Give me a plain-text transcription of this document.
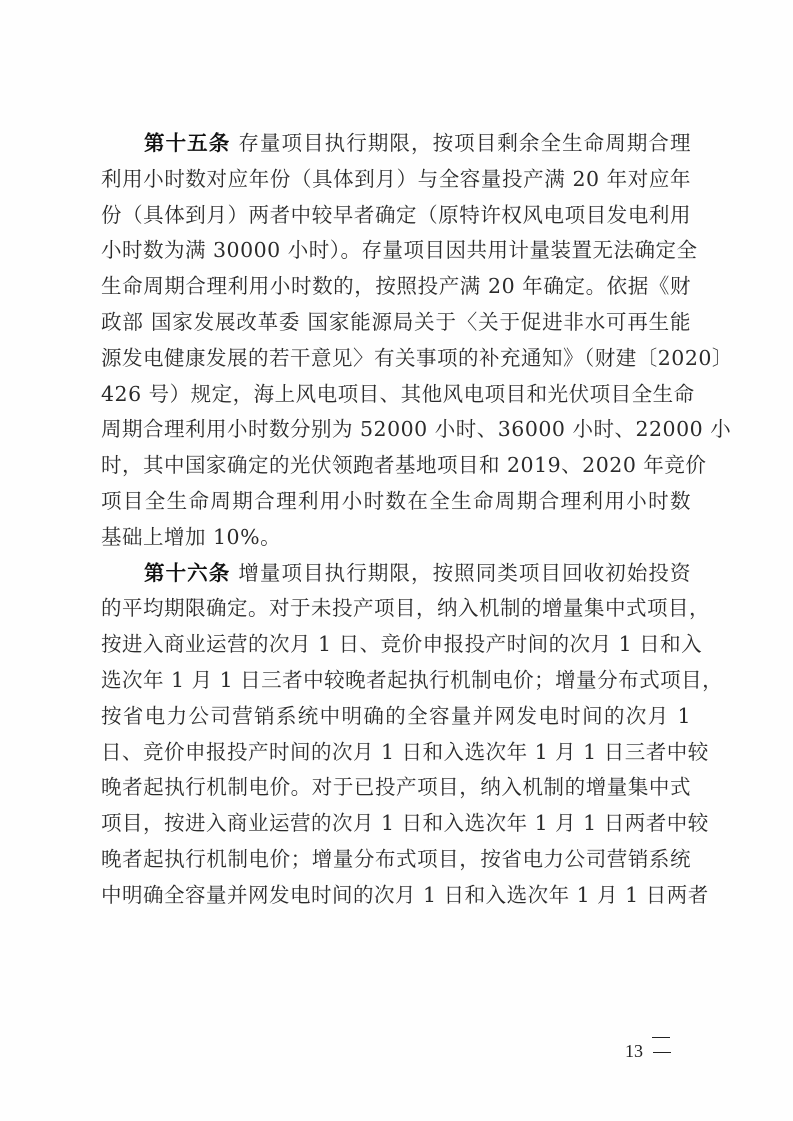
第十五条 存量项目执行期限，按项目剩余全生命周期合理
利用小时数对应年份（具体到月）与全容量投产满 20 年对应年
份（具体到月）两者中较早者确定（原特许权风电项目发电利用
小时数为满 30000 小时）。存量项目因共用计量装置无法确定全
生命周期合理利用小时数的，按照投产满 20 年确定。依据《财
政部 国家发展改革委 国家能源局关于〈关于促进非水可再生能
源发电健康发展的若干意见〉有关事项的补充通知》（财建〔2020〕
426 号）规定，海上风电项目、其他风电项目和光伏项目全生命
周期合理利用小时数分别为 52000 小时、36000 小时、22000 小
时，其中国家确定的光伏领跑者基地项目和 2019、2020 年竞价
项目全生命周期合理利用小时数在全生命周期合理利用小时数
基础上增加 10%。
第十六条 增量项目执行期限，按照同类项目回收初始投资
的平均期限确定。对于未投产项目，纳入机制的增量集中式项目，
按进入商业运营的次月 1 日、竞价申报投产时间的次月 1 日和入
选次年 1 月 1 日三者中较晚者起执行机制电价；增量分布式项目，
按省电力公司营销系统中明确的全容量并网发电时间的次月 1
日、竞价申报投产时间的次月 1 日和入选次年 1 月 1 日三者中较
晚者起执行机制电价。对于已投产项目，纳入机制的增量集中式
项目，按进入商业运营的次月 1 日和入选次年 1 月 1 日两者中较
晚者起执行机制电价；增量分布式项目，按省电力公司营销系统
中明确全容量并网发电时间的次月 1 日和入选次年 1 月 1 日两者
13
